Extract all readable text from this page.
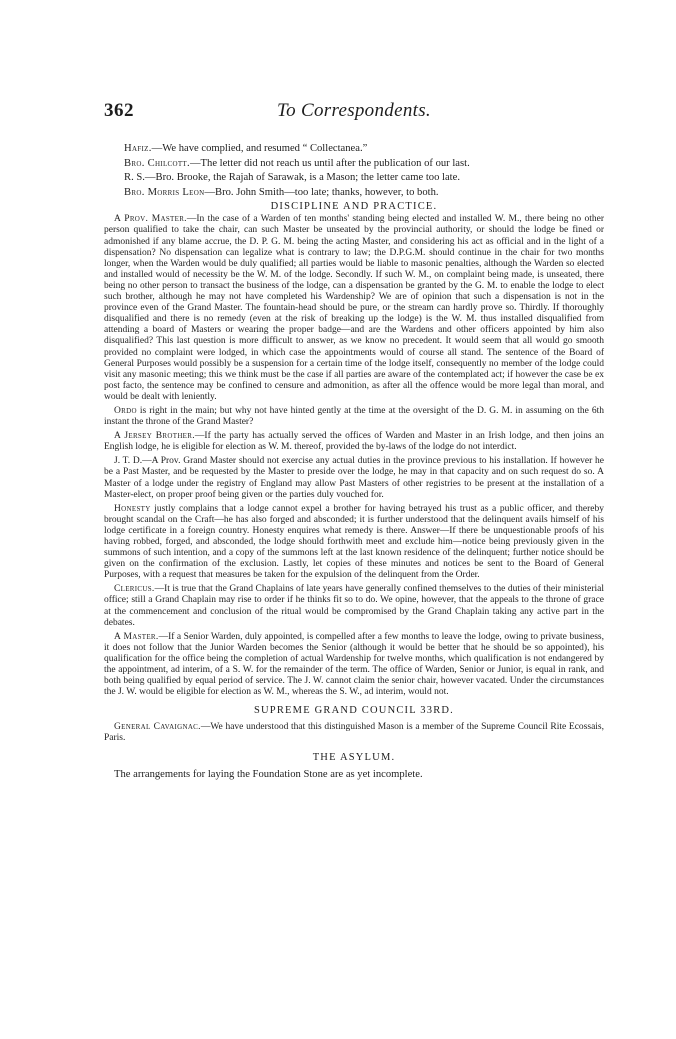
362	To Correspondents.

Hafiz.—We have complied, and resumed “ Collectanea.”

Bro. Chilcott.—The letter did not reach us until after the publication of our last.

R. S.—Bro. Brooke, the Rajah of Sarawak, is a Mason; the letter came too late.

Bro. Morris Leon—Bro. John Smith—too late; thanks, however, to both.

DISCIPLINE AND PRACTICE.

A Prov. Master.—In the case of a Warden of ten months' standing being elected and installed W. M., there being no other person qualified to take the chair, can such Master be unseated by the provincial authority, or should the lodge be fined or admonished if any blame accrue, the D. P. G. M. being the acting Master, and considering his act as official and in the light of a dispensation? No dispensation can legalize what is contrary to law; the D.P.G.M. should continue in the chair for two months longer, when the Warden would be duly qualified; all parties would be liable to masonic penalties, although the Warden so elected and installed would of necessity be the W. M. of the lodge. Secondly. If such W. M., on complaint being made, is unseated, there being no other person to transact the business of the lodge, can a dispensation be granted by the G. M. to enable the lodge to elect such brother, although he may not have completed his Wardenship? We are of opinion that such a dispensation is not in the province even of the Grand Master. The fountain-head should be pure, or the stream can hardly prove so. Thirdly. If thoroughly disqualified and there is no remedy (even at the risk of breaking up the lodge) is the W. M. thus installed disqualified from attending a board of Masters or wearing the proper badge—and are the Wardens and other officers appointed by him also disqualified? This last question is more difficult to answer, as we know no precedent. It would seem that all would go smooth provided no complaint were lodged, in which case the appointments would of course all stand. The sentence of the Board of General Purposes would possibly be a suspension for a certain time of the lodge itself, consequently no member of the lodge could visit any masonic meeting; this we think must be the case if all parties are aware of the contemplated act; if however the case be ex post facto, the sentence may be confined to censure and admonition, as after all the offence would be more legal than moral, and would be dealt with leniently.

Ordo is right in the main; but why not have hinted gently at the time at the oversight of the D. G. M. in assuming on the 6th instant the throne of the Grand Master?

A Jersey Brother.—If the party has actually served the offices of Warden and Master in an Irish lodge, and then joins an English lodge, he is eligible for election as W. M. thereof, provided the by-laws of the lodge do not interdict.

J. T. D.—A Prov. Grand Master should not exercise any actual duties in the province previous to his installation. If however he be a Past Master, and be requested by the Master to preside over the lodge, he may in that capacity and on such request do so. A Master of a lodge under the registry of England may allow Past Masters of other registries to be present at the installation of a Master-elect, on proper proof being given or the parties duly vouched for.

Honesty justly complains that a lodge cannot expel a brother for having betrayed his trust as a public officer, and thereby brought scandal on the Craft—he has also forged and absconded; it is further understood that the delinquent avails himself of his lodge certificate in a foreign country. Honesty enquires what remedy is there. Answer—If there be unquestionable proofs of his having robbed, forged, and absconded, the lodge should forthwith meet and exclude him—notice being previously given in the summons of such intention, and a copy of the summons left at the last known residence of the delinquent; further notice should be given on the confirmation of the exclusion. Lastly, let copies of these minutes and notices be sent to the Board of General Purposes, with a request that measures be taken for the expulsion of the delinquent from the Order.

Clericus.—It is true that the Grand Chaplains of late years have generally confined themselves to the duties of their ministerial office; still a Grand Chaplain may rise to order if he thinks fit so to do. We opine, however, that the appeals to the throne of grace at the commencement and conclusion of the ritual would be compromised by the Grand Chaplain taking any active part in the debates.

A Master.—If a Senior Warden, duly appointed, is compelled after a few months to leave the lodge, owing to private business, it does not follow that the Junior Warden becomes the Senior (although it would be better that he should be so appointed), his qualification for the office being the completion of actual Wardenship for twelve months, which qualification is not endangered by the appointment, ad interim, of a S. W. for the remainder of the term. The office of Warden, Senior or Junior, is equal in rank, and both being qualified by equal period of service. The J. W. cannot claim the senior chair, however vacated. Under the circumstances the J. W. would be eligible for election as W. M., whereas the S. W., ad interim, would not.

SUPREME GRAND COUNCIL 33RD.

General Cavaignac.—We have understood that this distinguished Mason is a member of the Supreme Council Rite Ecossais, Paris.

THE ASYLUM.

The arrangements for laying the Foundation Stone are as yet incomplete.
